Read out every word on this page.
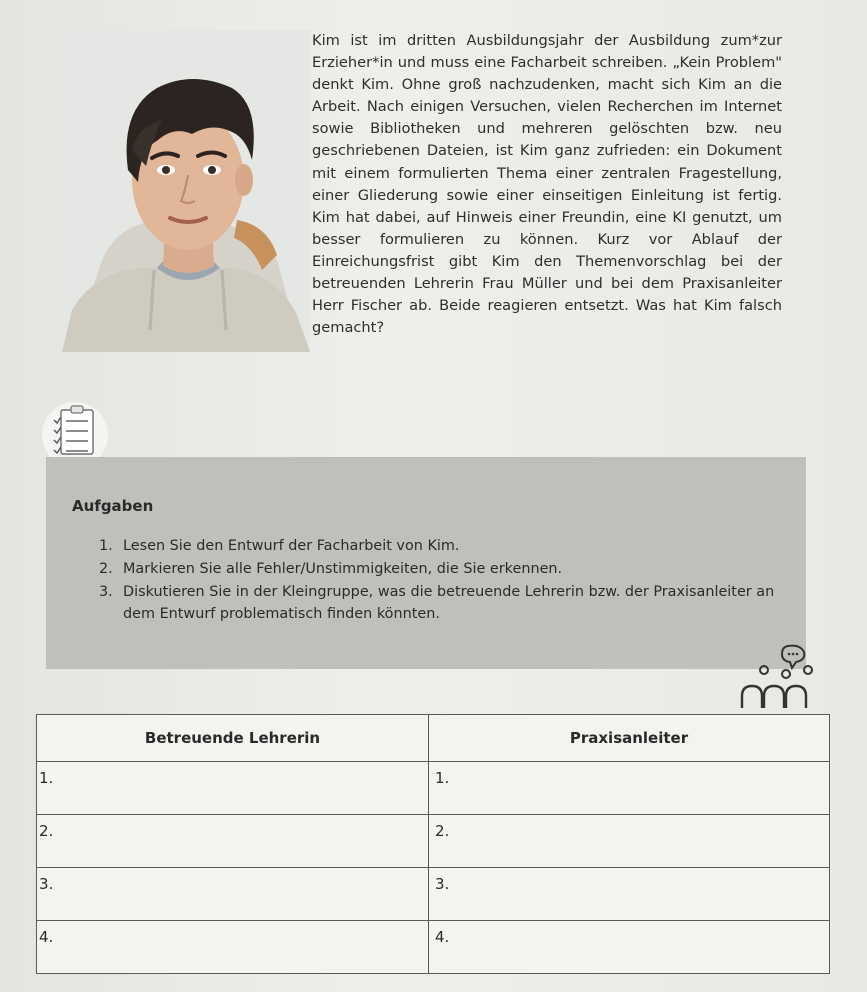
Kim ist im dritten Ausbildungsjahr der Ausbildung zum*zur Erzieher*in und muss eine Facharbeit schreiben. „Kein Problem" denkt Kim. Ohne groß nachzudenken, macht sich Kim an die Arbeit. Nach einigen Versuchen, vielen Recherchen im Internet sowie Bibliotheken und mehreren gelöschten bzw. neu geschriebenen Dateien, ist Kim ganz zufrieden: ein Dokument mit einem formulierten Thema einer zentralen Fragestellung, einer Gliederung sowie einer einseitigen Einleitung ist fertig. Kim hat dabei, auf Hinweis einer Freundin, eine KI genutzt, um besser formulieren zu können. Kurz vor Ablauf der Einreichungsfrist gibt Kim den Themenvorschlag bei der betreuenden Lehrerin Frau Müller und bei dem Praxisanleiter Herr Fischer ab. Beide reagieren entsetzt. Was hat Kim falsch gemacht?

Aufgaben
1. Lesen Sie den Entwurf der Facharbeit von Kim.
2. Markieren Sie alle Fehler/Unstimmigkeiten, die Sie erkennen.
3. Diskutieren Sie in der Kleingruppe, was die betreuende Lehrerin bzw. der Praxisanleiter an dem Entwurf problematisch finden könnten.
Betreuende Lehrerin	Praxisanleiter
1.	1.
2.	2.
3.	3.
4.	4.
